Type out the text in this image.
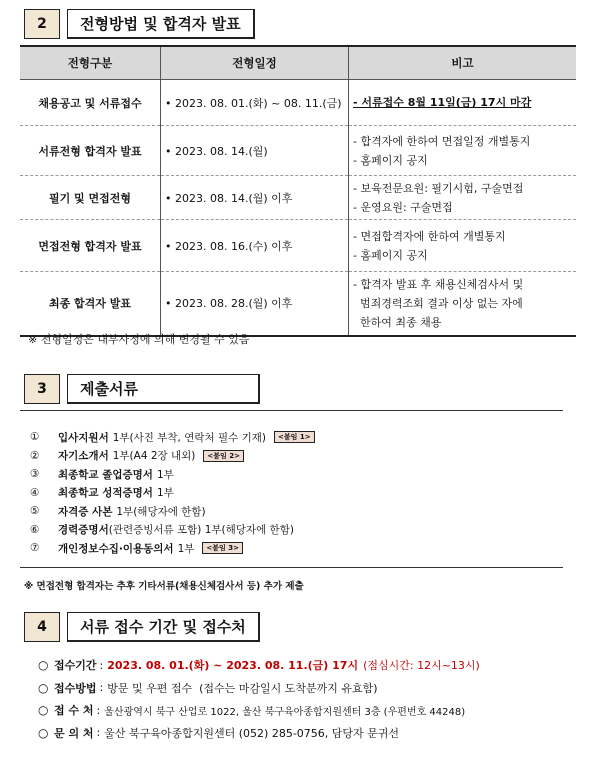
2	전형방법 및 합격자 발표
전형구분	전형일정	비고
채용공고 및 서류접수	• 2023. 08. 01.(화) ~ 08. 11.(금)	- 서류접수 8월 11일(금) 17시 마감

서류전형 합격자 발표	• 2023. 08. 14.(월)	- 합격자에 한하여 면접일정 개별통지
- 홈페이지 공지

필기 및 면접전형	• 2023. 08. 14.(월) 이후	- 보육전문요원: 필기시험, 구술면접
- 운영요원: 구술면접

면접전형 합격자 발표	• 2023. 08. 16.(수) 이후	- 면접합격자에 한하여 개별통지
- 홈페이지 공지

최종 합격자 발표	• 2023. 08. 28.(월) 이후	- 합격자 발표 후 채용신체검사서 및
범죄경력조회 결과 이상 없는 자에
한하여 최종 채용
※ 전형일정은 내부사정에 의해 변경될 수 있음
3	제출서류
①	입사지원서 1부(사진 부착, 연락처 필수 기재)	<붙임 1>
②	자기소개서 1부(A4 2장 내외)	<붙임 2>
③	최종학교 졸업증명서 1부
④	최종학교 성적증명서 1부
⑤	자격증 사본 1부(해당자에 한함)
⑥	경력증명서 (관련증빙서류 포함) 1부(해당자에 한함)
⑦	개인정보수집·이용동의서 1부	<붙임 3>
※ 면접전형 합격자는 추후 기타서류(채용신체검사서 등) 추가 제출
4	서류 접수 기간 및 접수처
○ 접수기간 : 2023. 08. 01.(화) ~ 2023. 08. 11.(금) 17시 (점심시간: 12시~13시)
○ 접수방법 : 방문 및 우편 접수  (접수는 마감일시 도착분까지 유효함)
○ 접 수 처 : 울산광역시 북구 산업로 1022, 울산 북구육아종합지원센터 3층 (우편번호 44248)
○ 문 의 처 : 울산 북구육아종합지원센터 (052) 285-0756, 담당자 문귀선
